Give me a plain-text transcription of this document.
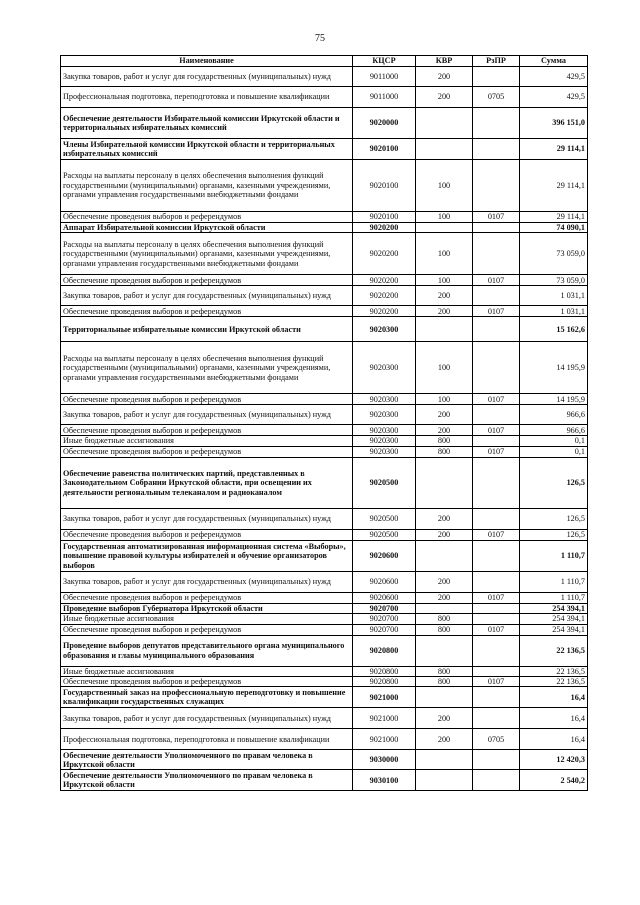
75
Наименование	КЦСР	КВР	РзПР	Сумма
Закупка товаров, работ и услуг для государственных (муниципальных) нужд	9011000	200		429,5
Профессиональная подготовка, переподготовка и повышение квалификации	9011000	200	0705	429,5
Обеспечение деятельности Избирательной комиссии Иркутской области и территориальных избирательных комиссий	9020000			396 151,0
Члены Избирательной комиссии Иркутской области и территориальных избирательных комиссий	9020100			29 114,1
Расходы на выплаты персоналу в целях обеспечения выполнения функций государственными (муниципальными) органами, казенными учреждениями, органами управления государственными внебюджетными фондами	9020100	100		29 114,1
Обеспечение проведения выборов и референдумов	9020100	100	0107	29 114,1
Аппарат Избирательной комиссии Иркутской области	9020200			74 090,1
Расходы на выплаты персоналу в целях обеспечения выполнения функций государственными (муниципальными) органами, казенными учреждениями, органами управления государственными внебюджетными фондами	9020200	100		73 059,0
Обеспечение проведения выборов и референдумов	9020200	100	0107	73 059,0
Закупка товаров, работ и услуг для государственных (муниципальных) нужд	9020200	200		1 031,1
Обеспечение проведения выборов и референдумов	9020200	200	0107	1 031,1
Территориальные избирательные комиссии Иркутской области	9020300			15 162,6
Расходы на выплаты персоналу в целях обеспечения выполнения функций государственными (муниципальными) органами, казенными учреждениями, органами управления государственными внебюджетными фондами	9020300	100		14 195,9
Обеспечение проведения выборов и референдумов	9020300	100	0107	14 195,9
Закупка товаров, работ и услуг для государственных (муниципальных) нужд	9020300	200		966,6
Обеспечение проведения выборов и референдумов	9020300	200	0107	966,6
Иные бюджетные ассигнования	9020300	800		0,1
Обеспечение проведения выборов и референдумов	9020300	800	0107	0,1
Обеспечение равенства политических партий, представленных в Законодательном Собрании Иркутской области, при освещении их деятельности региональным телеканалом и радиоканалом	9020500			126,5
Закупка товаров, работ и услуг для государственных (муниципальных) нужд	9020500	200		126,5
Обеспечение проведения выборов и референдумов	9020500	200	0107	126,5
Государственная автоматизированная информационная система «Выборы», повышение правовой культуры избирателей и обучение организаторов выборов	9020600			1 110,7
Закупка товаров, работ и услуг для государственных (муниципальных) нужд	9020600	200		1 110,7
Обеспечение проведения выборов и референдумов	9020600	200	0107	1 110,7
Проведение выборов Губернатора Иркутской области	9020700			254 394,1
Иные бюджетные ассигнования	9020700	800		254 394,1
Обеспечение проведения выборов и референдумов	9020700	800	0107	254 394,1
Проведение выборов депутатов представительного органа муниципального образования и главы муниципального образования	9020800			22 136,5
Иные бюджетные ассигнования	9020800	800		22 136,5
Обеспечение проведения выборов и референдумов	9020800	800	0107	22 136,5
Государственный заказ на профессиональную переподготовку и повышение квалификации государственных служащих	9021000			16,4
Закупка товаров, работ и услуг для государственных (муниципальных) нужд	9021000	200		16,4
Профессиональная подготовка, переподготовка и повышение квалификации	9021000	200	0705	16,4
Обеспечение деятельности Уполномоченного по правам человека в Иркутской области	9030000			12 420,3
Обеспечение деятельности Уполномоченного по правам человека в Иркутской области	9030100			2 540,2
